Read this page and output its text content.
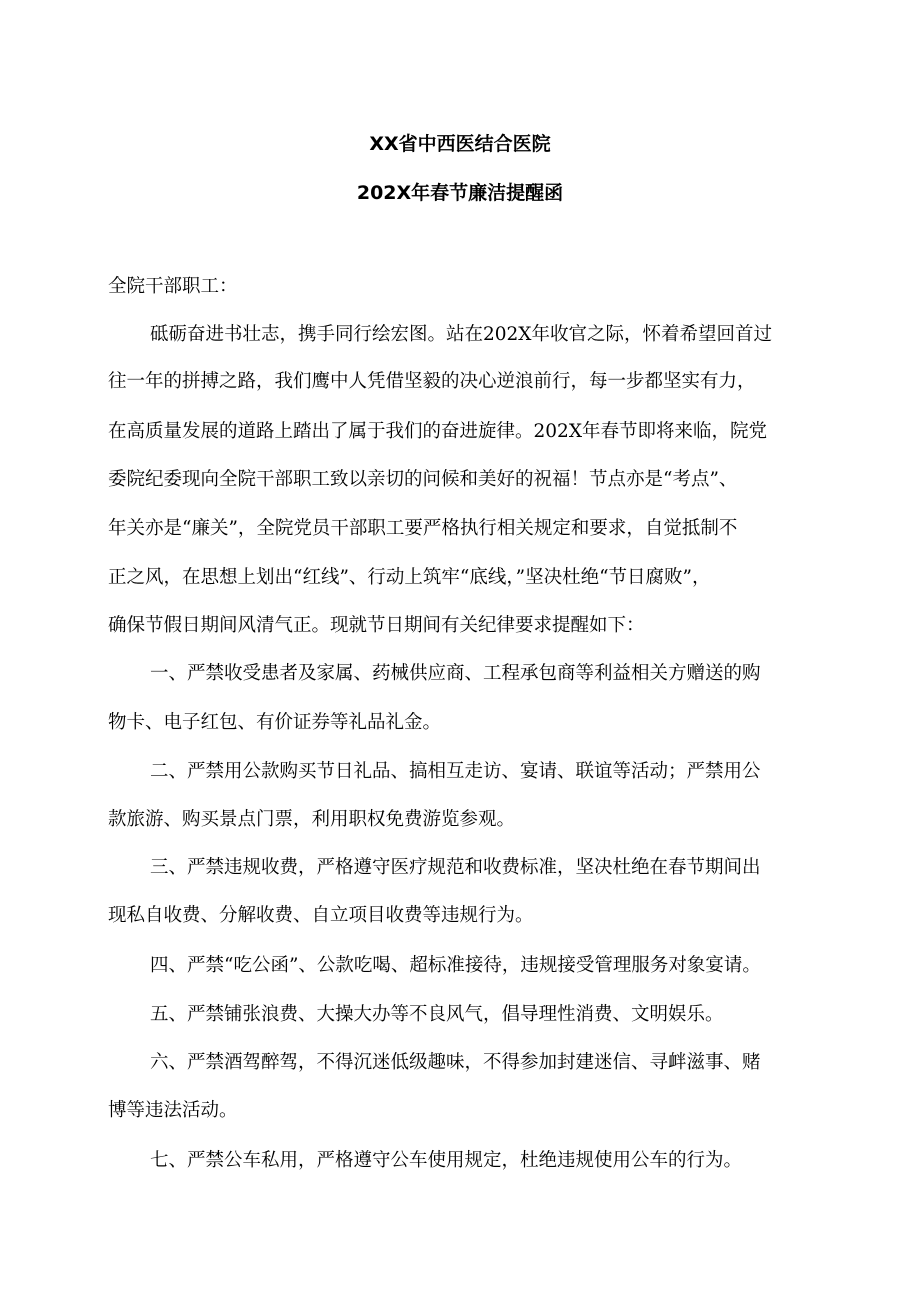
XX省中西医结合医院
202X年春节廉洁提醒函
全院干部职工：
砥砺奋进书壮志，携手同行绘宏图。站在202X年收官之际，怀着希望回首过
往一年的拼搏之路，我们鹰中人凭借坚毅的决心逆浪前行，每一步都坚实有力，
在高质量发展的道路上踏出了属于我们的奋进旋律。202X年春节即将来临，院党
委院纪委现向全院干部职工致以亲切的问候和美好的祝福！节点亦是“考点”、
年关亦是“廉关”，全院党员干部职工要严格执行相关规定和要求，自觉抵制不
正之风，在思想上划出“红线”、行动上筑牢“底线，”坚决杜绝“节日腐败”，
确保节假日期间风清气正。现就节日期间有关纪律要求提醒如下：
一、严禁收受患者及家属、药械供应商、工程承包商等利益相关方赠送的购
物卡、电子红包、有价证券等礼品礼金。
二、严禁用公款购买节日礼品、搞相互走访、宴请、联谊等活动；严禁用公
款旅游、购买景点门票，利用职权免费游览参观。
三、严禁违规收费，严格遵守医疗规范和收费标准，坚决杜绝在春节期间出
现私自收费、分解收费、自立项目收费等违规行为。
四、严禁“吃公函”、公款吃喝、超标准接待，违规接受管理服务对象宴请。
五、严禁铺张浪费、大操大办等不良风气，倡导理性消费、文明娱乐。
六、严禁酒驾醉驾，不得沉迷低级趣味，不得参加封建迷信、寻衅滋事、赌
博等违法活动。
七、严禁公车私用，严格遵守公车使用规定，杜绝违规使用公车的行为。
